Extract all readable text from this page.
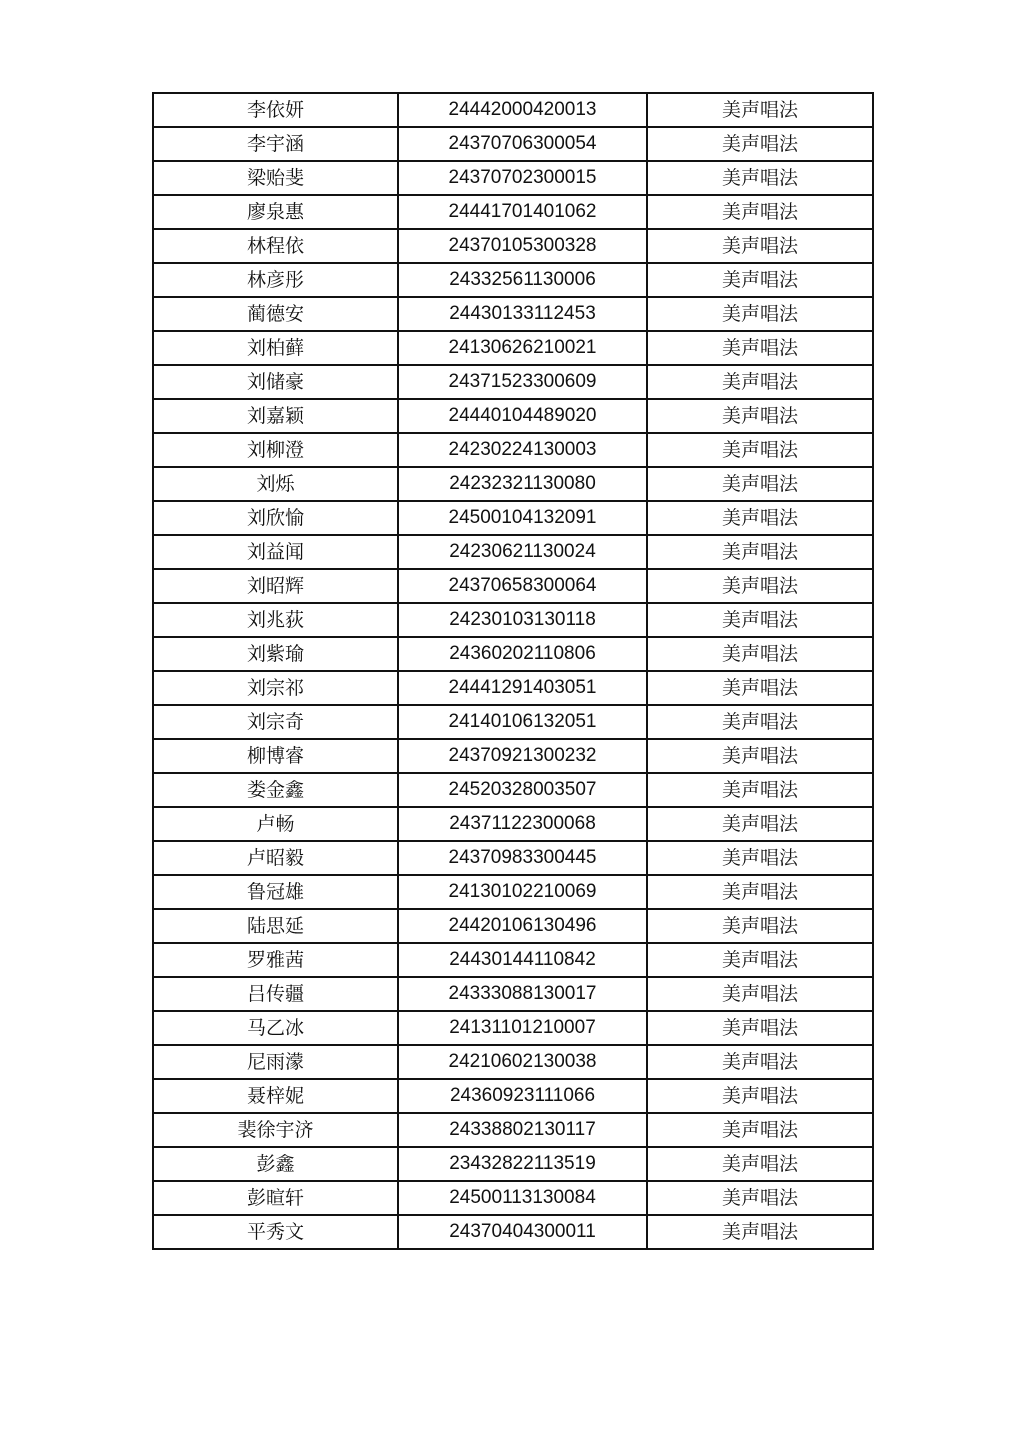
李依妍	24442000420013	美声唱法
李宇涵	24370706300054	美声唱法
梁贻斐	24370702300015	美声唱法
廖泉惠	24441701401062	美声唱法
林程依	24370105300328	美声唱法
林彦彤	24332561130006	美声唱法
蔺德安	24430133112453	美声唱法
刘柏藓	24130626210021	美声唱法
刘储豪	24371523300609	美声唱法
刘嘉颖	24440104489020	美声唱法
刘柳澄	24230224130003	美声唱法
刘烁	24232321130080	美声唱法
刘欣愉	24500104132091	美声唱法
刘益闻	24230621130024	美声唱法
刘昭辉	24370658300064	美声唱法
刘兆荻	24230103130118	美声唱法
刘紫瑜	24360202110806	美声唱法
刘宗祁	24441291403051	美声唱法
刘宗奇	24140106132051	美声唱法
柳博睿	24370921300232	美声唱法
娄金鑫	24520328003507	美声唱法
卢畅	24371122300068	美声唱法
卢昭毅	24370983300445	美声唱法
鲁冠雄	24130102210069	美声唱法
陆思延	24420106130496	美声唱法
罗雅茜	24430144110842	美声唱法
吕传疆	24333088130017	美声唱法
马乙冰	24131101210007	美声唱法
尼雨濛	24210602130038	美声唱法
聂梓妮	24360923111066	美声唱法
裴徐宇济	24338802130117	美声唱法
彭鑫	23432822113519	美声唱法
彭暄轩	24500113130084	美声唱法
平秀文	24370404300011	美声唱法
